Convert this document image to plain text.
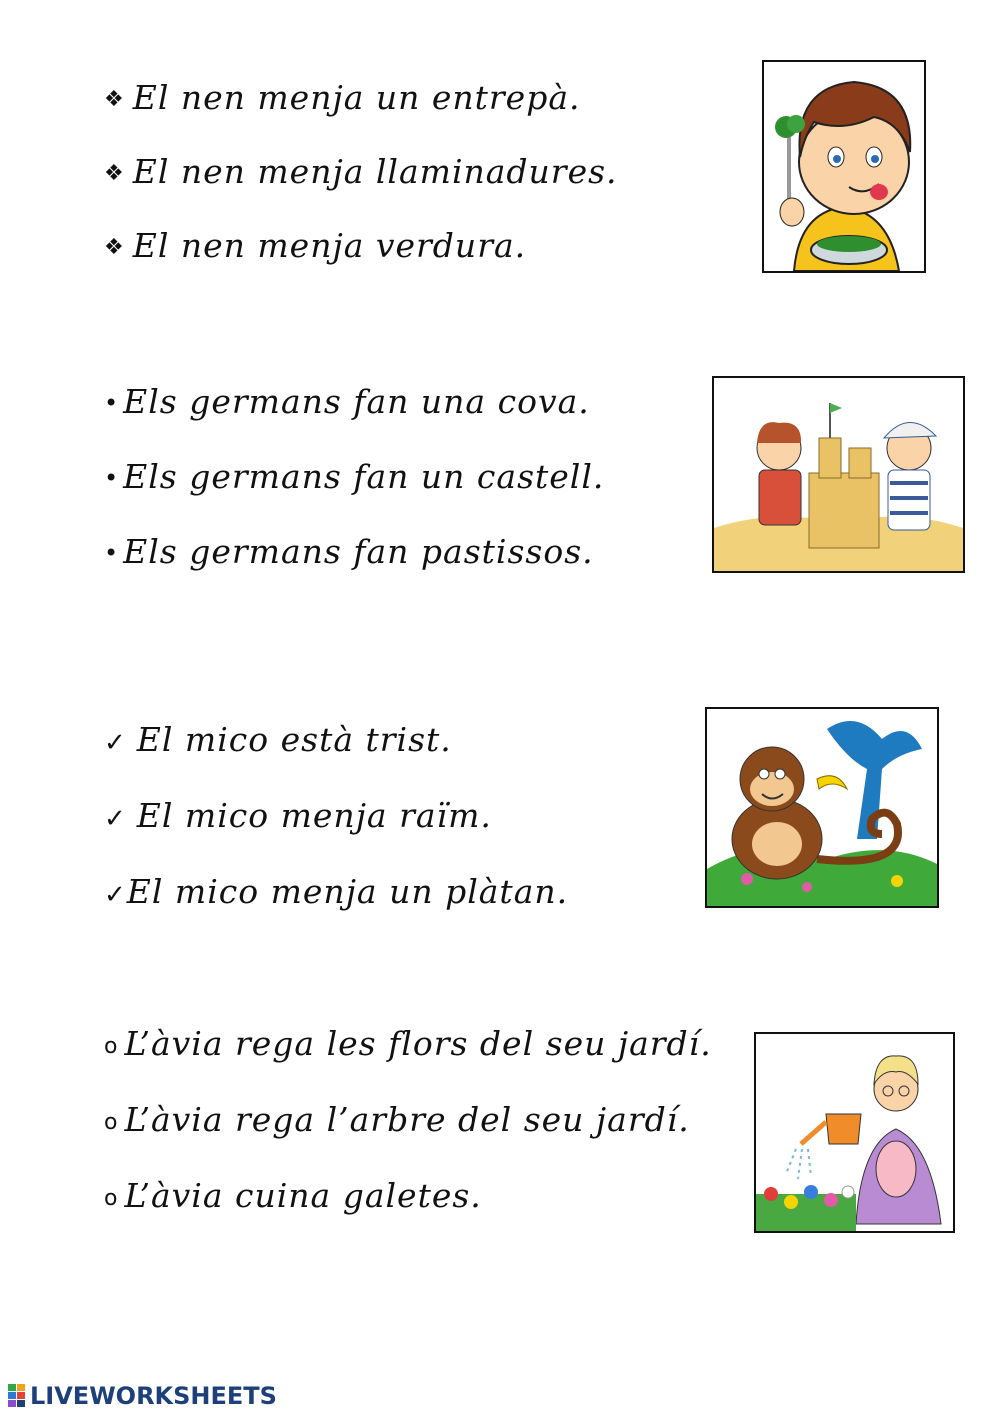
❖ El nen menja un entrepà.
❖ El nen menja llaminadures.
❖ El nen menja verdura.
• Els germans fan una cova.
• Els germans fan un castell.
• Els germans fan pastissos.
✓ El mico està trist.
✓ El mico menja raïm.
✓El mico menja un plàtan.
o L’àvia rega les flors del seu jardí.
o L’àvia rega l’arbre del seu jardí.
o L’àvia cuina galetes.
LIVEWORKSHEETS
